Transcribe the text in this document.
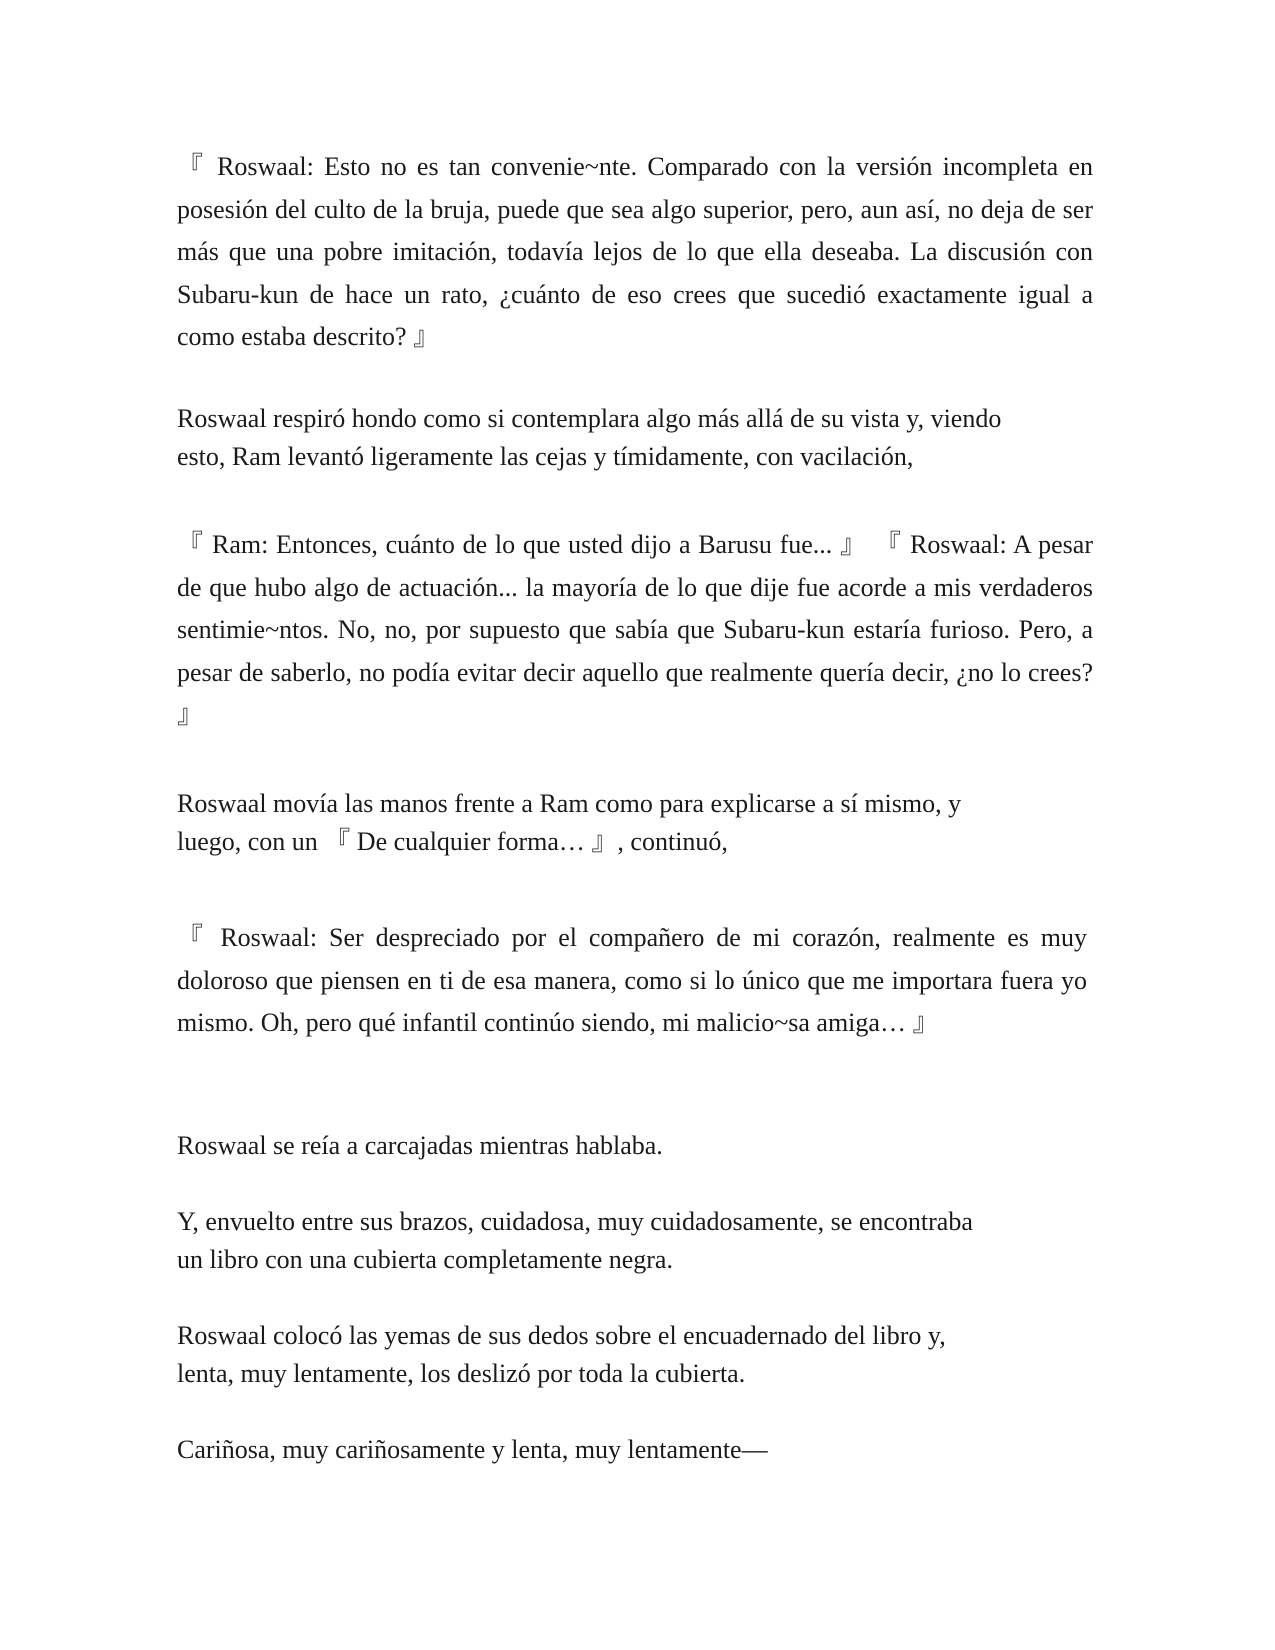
『 Roswaal: Esto no es tan convenie~nte. Comparado con la versión incompleta en posesión del culto de la bruja, puede que sea algo superior, pero, aun así, no deja de ser más que una pobre imitación, todavía lejos de lo que ella deseaba. La discusión con Subaru-kun de hace un rato, ¿cuánto de eso crees que sucedió exactamente igual a como estaba descrito? 』

Roswaal respiró hondo como si contemplara algo más allá de su vista y, viendo
esto, Ram levantó ligeramente las cejas y tímidamente, con vacilación,

『 Ram: Entonces, cuánto de lo que usted dijo a Barusu fue... 』 『 Roswaal: A pesar de que hubo algo de actuación... la mayoría de lo que dije fue acorde a mis verdaderos sentimie~ntos. No, no, por supuesto que sabía que Subaru-kun estaría furioso. Pero, a pesar de saberlo, no podía evitar decir aquello que realmente quería decir, ¿no lo crees? 』

Roswaal movía las manos frente a Ram como para explicarse a sí mismo, y
luego, con un 『 De cualquier forma… 』, continuó,

『 Roswaal: Ser despreciado por el compañero de mi corazón, realmente es muy doloroso que piensen en ti de esa manera, como si lo único que me importara fuera yo mismo. Oh, pero qué infantil continúo siendo, mi malicio~sa amiga… 』

Roswaal se reía a carcajadas mientras hablaba.

Y, envuelto entre sus brazos, cuidadosa, muy cuidadosamente, se encontraba
un libro con una cubierta completamente negra.

Roswaal colocó las yemas de sus dedos sobre el encuadernado del libro y,
lenta, muy lentamente, los deslizó por toda la cubierta.

Cariñosa, muy cariñosamente y lenta, muy lentamente—
